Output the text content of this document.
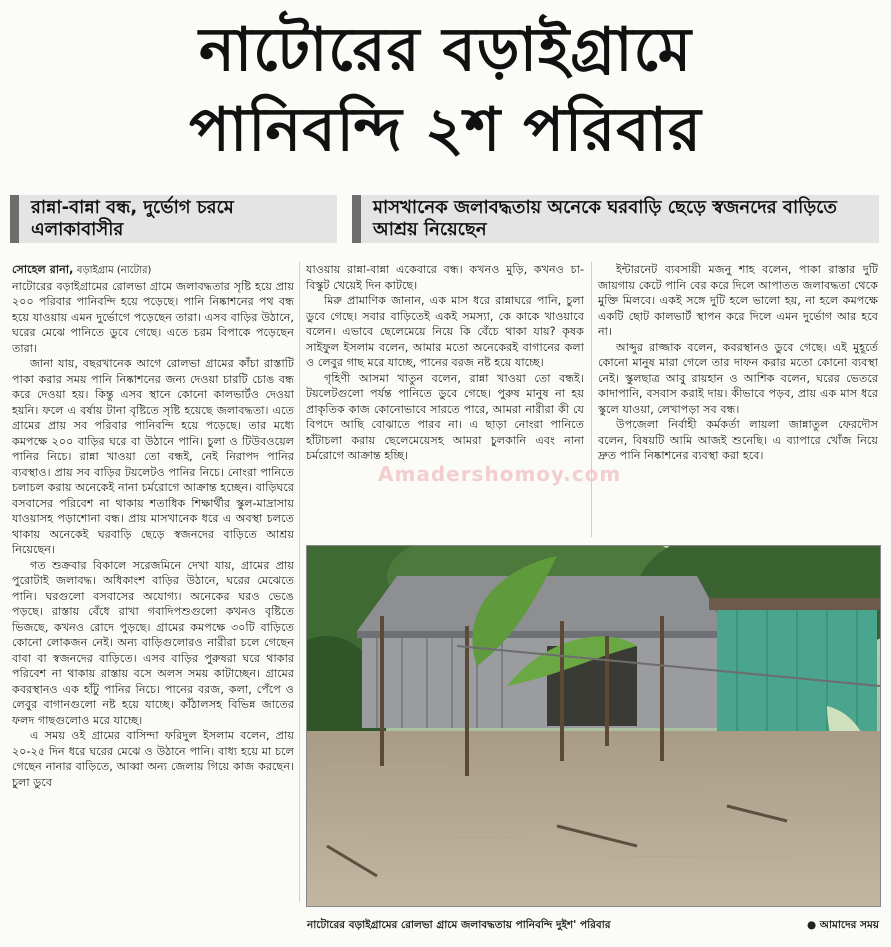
নাটোরের বড়াইগ্রামে
পানিবন্দি ২শ পরিবার
রান্না-বান্না বন্ধ, দুর্ভোগ চরমে এলাকাবাসীর
মাসখানেক জলাবদ্ধতায় অনেকে ঘরবাড়ি ছেড়ে স্বজনদের বাড়িতে আশ্রয় নিয়েছেন
সোহেল রানা, বড়াইগ্রাম (নাটোর)

নাটোরের বড়াইগ্রামের রোলভা গ্রামে জলাবদ্ধতার সৃষ্টি হয়ে প্রায় ২০০ পরিবার পানিবন্দি হয়ে পড়েছে। পানি নিষ্কাশনের পথ বন্ধ হয়ে যাওয়ায় এমন দুর্ভোগে পড়েছেন তারা। এসব বাড়ির উঠানে, ঘরের মেঝে পানিতে ডুবে গেছে। এতে চরম বিপাকে পড়েছেন তারা।

জানা যায়, বছরখানেক আগে রোলভা গ্রামের কাঁচা রাস্তাটি পাকা করার সময় পানি নিষ্কাশনের জন্য দেওয়া চারটি চোঙ বন্ধ করে দেওয়া হয়। কিন্তু এসব স্থানে কোনো কালভার্টও দেওয়া হয়নি। ফলে এ বর্ষায় টানা বৃষ্টিতে সৃষ্টি হয়েছে জলাবদ্ধতা। এতে গ্রামের প্রায় সব পরিবার পানিবন্দি হয়ে পড়েছে। তার মধ্যে কমপক্ষে ২০০ বাড়ির ঘরে বা উঠানে পানি। চুলা ও টিউবওয়েল পানির নিচে। রান্না খাওয়া তো বন্ধই, নেই নিরাপদ পানির ব্যবস্থাও। প্রায় সব বাড়ির টয়লেটও পানির নিচে। নোংরা পানিতে চলাচল করায় অনেকেই নানা চর্মরোগে আক্রান্ত হচ্ছেন। বাড়িঘরে বসবাসের পরিবেশ না থাকায় শতাধিক শিক্ষার্থীর স্কুল-মাদ্রাসায় যাওয়াসহ পড়াশোনা বন্ধ। প্রায় মাসখানেক ধরে এ অবস্থা চলতে থাকায় অনেকেই ঘরবাড়ি ছেড়ে স্বজনদের বাড়িতে আশ্রয় নিয়েছেন।

গত শুক্রবার বিকালে সরেজমিনে দেখা যায়, গ্রামের প্রায় পুরোটাই জলাবদ্ধ। অধিকাংশ বাড়ির উঠানে, ঘরের মেঝেতে পানি। ঘরগুলো বসবাসের অযোগ্য। অনেকের ঘরও ভেঙে পড়ছে। রাস্তায় বেঁধে রাখা গবাদিপশুগুলো কখনও বৃষ্টিতে ভিজছে, কখনও রোদে পুড়ছে। গ্রামের কমপক্ষে ৩০টি বাড়িতে কোনো লোকজন নেই। অন্য বাড়িগুলোরও নারীরা চলে গেছেন বাবা বা স্বজনদের বাড়িতে। এসব বাড়ির পুরুষরা ঘরে থাকার পরিবেশ না থাকায় রাস্তায় বসে অলস সময় কাটাচ্ছেন। গ্রামের কবরস্থানও এক হাঁটু পানির নিচে। পানের বরজ, কলা, পেঁপে ও লেবুর বাগানগুলো নষ্ট হয়ে যাচ্ছে। কাঁঠালসহ বিভিন্ন জাতের ফলদ গাছগুলোও মরে যাচ্ছে।

এ সময় ওই গ্রামের বাসিন্দা ফরিদুল ইসলাম বলেন, প্রায় ২০-২৫ দিন ধরে ঘরের মেঝে ও উঠানে পানি। বাধ্য হয়ে মা চলে গেছেন নানার বাড়িতে, আব্বা অন্য জেলায় গিয়ে কাজ করছেন। চুলা ডুবে

যাওয়ায় রান্না-বান্না একেবারে বন্ধ। কখনও মুড়ি, কখনও চা-বিস্কুট খেয়েই দিন কাটছে।

মিরু প্রামাণিক জানান, এক মাস ধরে রান্নাঘরে পানি, চুলা ডুবে গেছে। সবার বাড়িতেই একই সমস্যা, কে কাকে খাওয়াবে বলেন। এভাবে ছেলেমেয়ে নিয়ে কি বেঁচে থাকা যায়? কৃষক সাইফুল ইসলাম বলেন, আমার মতো অনেকেরই বাগানের কলা ও লেবুর গাছ মরে যাচ্ছে, পানের বরজ নষ্ট হয়ে যাচ্ছে।

গৃহিণী আসমা খাতুন বলেন, রান্না খাওয়া তো বন্ধই। টয়লেটগুলো পর্যন্ত পানিতে ডুবে গেছে। পুরুষ মানুষ না হয় প্রাকৃতিক কাজ কোনোভাবে সারতে পারে, আমরা নারীরা কী যে বিপদে আছি বোঝাতে পারব না। এ ছাড়া নোংরা পানিতে হাঁটাচলা করায় ছেলেমেয়েসহ আমরা চুলকানি এবং নানা চর্মরোগে আক্রান্ত হচ্ছি।

ইন্টারনেট ব্যবসায়ী মজনু শাহ বলেন, পাকা রাস্তার দুটি জায়গায় কেটে পানি বের করে দিলে আপাতত জলাবদ্ধতা থেকে মুক্তি মিলবে। একই সঙ্গে দুটি হলে ভালো হয়, না হলে কমপক্ষে একটি ছোট কালভার্ট স্থাপন করে দিলে এমন দুর্ভোগ আর হবে না।

আব্দুর রাজ্জাক বলেন, কবরস্থানও ডুবে গেছে। এই মুহূর্তে কোনো মানুষ মারা গেলে তার দাফন করার মতো কোনো ব্যবস্থা নেই। স্কুলছাত্র আবু রায়হান ও আশিক বলেন, ঘরের ভেতরে কাদাপানি, বসবাস করাই দায়। কীভাবে পড়ব, প্রায় এক মাস ধরে স্কুলে যাওয়া, লেখাপড়া সব বন্ধ।

উপজেলা নির্বাহী কর্মকর্তা লায়লা জান্নাতুল ফেরদৌস বলেন, বিষয়টি আমি আজই শুনেছি। এ ব্যাপারে খোঁজ নিয়ে দ্রুত পানি নিষ্কাশনের ব্যবস্থা করা হবে।

Amadershomoy.com
নাটোরের বড়াইগ্রামের রোলভা গ্রামে জলাবদ্ধতায় পানিবন্দি দুইশ' পরিবার	● আমাদের সময়
